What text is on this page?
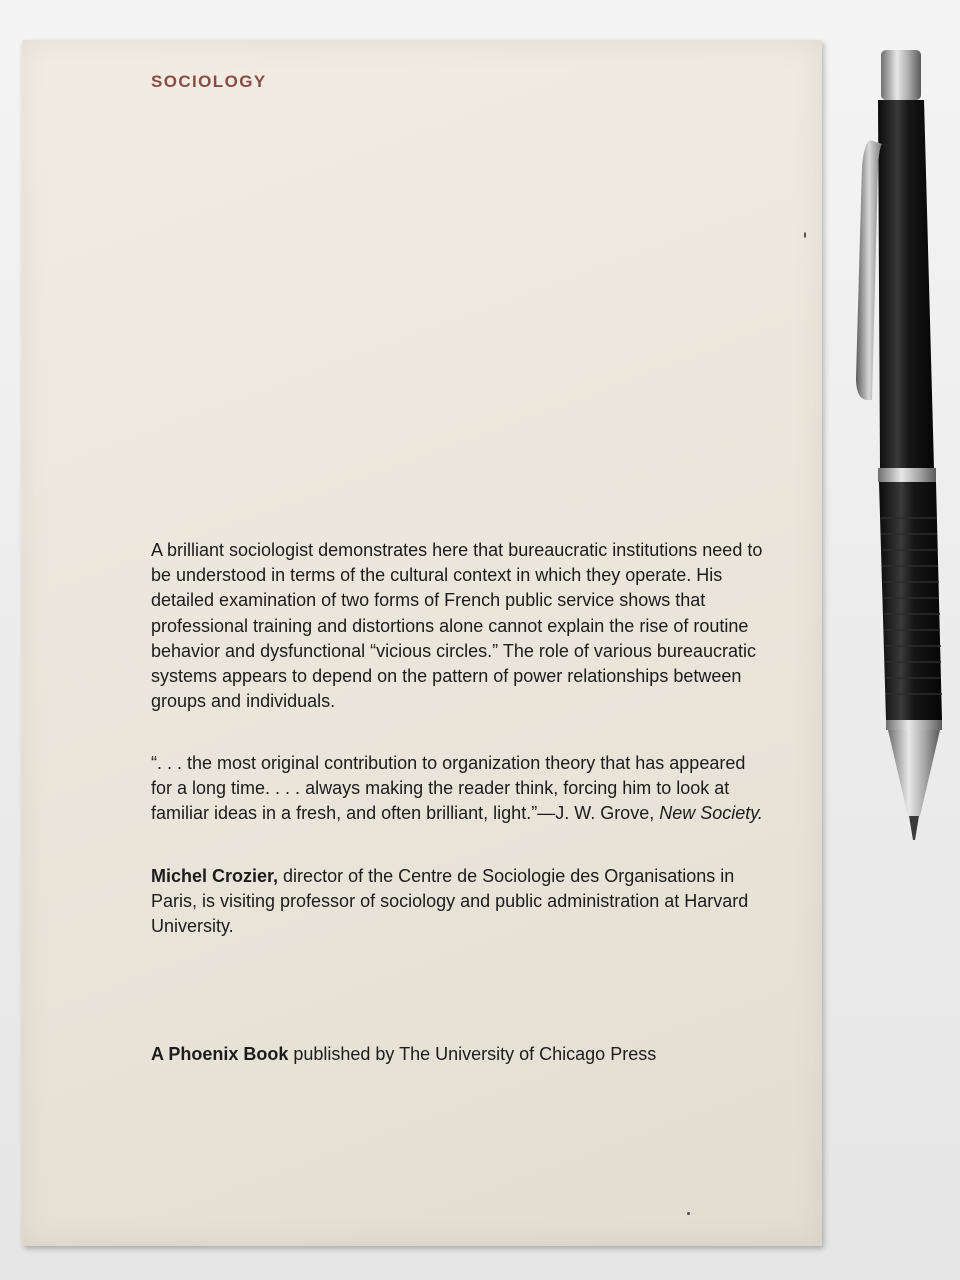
SOCIOLOGY

A brilliant sociologist demonstrates here that bureaucratic institutions need to be understood in terms of the cultural context in which they operate. His detailed examination of two forms of French public service shows that professional training and distortions alone cannot explain the rise of routine behavior and dysfunctional “vicious circles.” The role of various bureaucratic systems appears to depend on the pattern of power relationships between groups and individuals.

“. . . the most original contribution to organization theory that has appeared for a long time. . . . always making the reader think, forcing him to look at familiar ideas in a fresh, and often brilliant, light.”—J. W. Grove, New Society.

Michel Crozier, director of the Centre de Sociologie des Organisations in Paris, is visiting professor of sociology and public administration at Harvard University.

A Phoenix Book published by The University of Chicago Press
